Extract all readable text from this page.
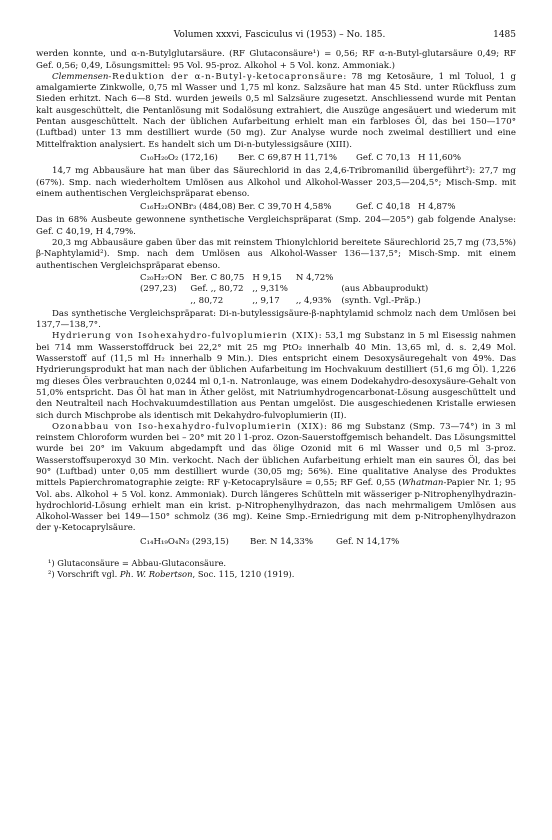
Volumen xxxvi, Fasciculus vi (1953) – No. 185.	1485

werden konnte, und α-n-Butylglutarsäure. (RF Glutaconsäure¹) = 0,56; RF α-n-Butyl-glutarsäure 0,49; RF Gef. 0,56; 0,49, Lösungsmittel: 95 Vol. 95-proz. Alkohol + 5 Vol. konz. Ammoniak.)

Clemmensen-Reduktion der α-n-Butyl-γ-ketocapronsäure: 78 mg Ketosäure, 1 ml Toluol, 1 g amalgamierte Zinkwolle, 0,75 ml Wasser und 1,75 ml konz. Salzsäure hat man 45 Std. unter Rückfluss zum Sieden erhitzt. Nach 6—8 Std. wurden jeweils 0,5 ml Salzsäure zugesetzt. Anschliessend wurde mit Pentan kalt ausgeschüttelt, die Pentanlösung mit Sodalösung extrahiert, die Auszüge angesäuert und wiederum mit Pentan ausgeschüttelt. Nach der üblichen Aufarbeitung erhielt man ein farbloses Öl, das bei 150—170° (Luftbad) unter 13 mm destilliert wurde (50 mg). Zur Analyse wurde noch zweimal destilliert und eine Mittelfraktion analysiert. Es handelt sich um Di-n-butylessigsäure (XIII).

C₁₀H₂₀O₂ (172,16) Ber. C 69,87 H 11,71% Gef. C 70,13 H 11,60%

14,7 mg Abbausäure hat man über das Säurechlorid in das 2,4,6-Tribromanilid übergeführt²): 27,7 mg (67%). Smp. nach wiederholtem Umlösen aus Alkohol und Alkohol-Wasser 203,5—204,5°; Misch-Smp. mit einem authentischen Vergleichspräparat ebenso.

C₁₆H₂₂ONBr₃ (484,08) Ber. C 39,70 H 4,58%	Gef. C 40,18 H 4,87%

Das in 68% Ausbeute gewonnene synthetische Vergleichspräparat (Smp. 204—205°) gab folgende Analyse: Gef. C 40,19, H 4,79%.

20,3 mg Abbausäure gaben über das mit reinstem Thionylchlorid bereitete Säurechlorid 25,7 mg (73,5%) β-Naphtylamid²). Smp. nach dem Umlösen aus Alkohol-Wasser 136—137,5°; Misch-Smp. mit einem authentischen Vergleichspräparat ebenso.

C₂₀H₂₇ON	Ber. C 80,75	H 9,15	N 4,72%	
(297,23)	Gef. ,, 80,72	,, 9,31%		(aus Abbauprodukt)
	,, 80,72	,, 9,17	,, 4,93%	(synth. Vgl.-Präp.)

Das synthetische Vergleichspräparat: Di-n-butylessigsäure-β-naphtylamid schmolz nach dem Umlösen bei 137,7—138,7°.

Hydrierung von Isohexahydro-fulvoplumierin (XIX): 53,1 mg Substanz in 5 ml Eisessig nahmen bei 714 mm Wasserstoffdruck bei 22,2° mit 25 mg PtO₂ innerhalb 40 Min. 13,65 ml, d. s. 2,49 Mol. Wasserstoff auf (11,5 ml H₂ innerhalb 9 Min.). Dies entspricht einem Desoxysäuregehalt von 49%. Das Hydrierungsprodukt hat man nach der üblichen Aufarbeitung im Hochvakuum destilliert (51,6 mg Öl). 1,226 mg dieses Öles verbrauchten 0,0244 ml 0,1-n. Natronlauge, was einem Dodekahydro-desoxysäure-Gehalt von 51,0% entspricht. Das Öl hat man in Äther gelöst, mit Natriumhydrogencarbonat-Lösung ausgeschüttelt und den Neutralteil nach Hochvakuumdestillation aus Pentan umgelöst. Die ausgeschiedenen Kristalle erwiesen sich durch Mischprobe als identisch mit Dekahydro-fulvoplumierin (II).

Ozonabbau von Iso-hexahydro-fulvoplumierin (XIX): 86 mg Substanz (Smp. 73—74°) in 3 ml reinstem Chloroform wurden bei – 20° mit 20 l 1-proz. Ozon-Sauerstoffgemisch behandelt. Das Lösungsmittel wurde bei 20° im Vakuum abgedampft und das ölige Ozonid mit 6 ml Wasser und 0,5 ml 3-proz. Wasserstoffsuperoxyd 30 Min. verkocht. Nach der üblichen Aufarbeitung erhielt man ein saures Öl, das bei 90° (Luftbad) unter 0,05 mm destilliert wurde (30,05 mg; 56%). Eine qualitative Analyse des Produktes mittels Papierchromatographie zeigte: RF γ-Ketocaprylsäure = 0,55; RF Gef. 0,55 (Whatman-Papier Nr. 1; 95 Vol. abs. Alkohol + 5 Vol. konz. Ammoniak). Durch längeres Schütteln mit wässeriger p-Nitrophenylhydrazin-hydrochlorid-Lösung erhielt man ein krist. p-Nitrophenylhydrazon, das nach mehrmaligem Umlösen aus Alkohol-Wasser bei 149—150° schmolz (36 mg). Keine Smp.-Erniedrigung mit dem p-Nitrophenylhydrazon der γ-Ketocaprylsäure.

C₁₄H₁₉O₄N₃ (293,15) Ber. N 14,33%	Gef. N 14,17%

¹) Glutaconsäure = Abbau-Glutaconsäure.

²) Vorschrift vgl. Ph. W. Robertson, Soc. 115, 1210 (1919).
